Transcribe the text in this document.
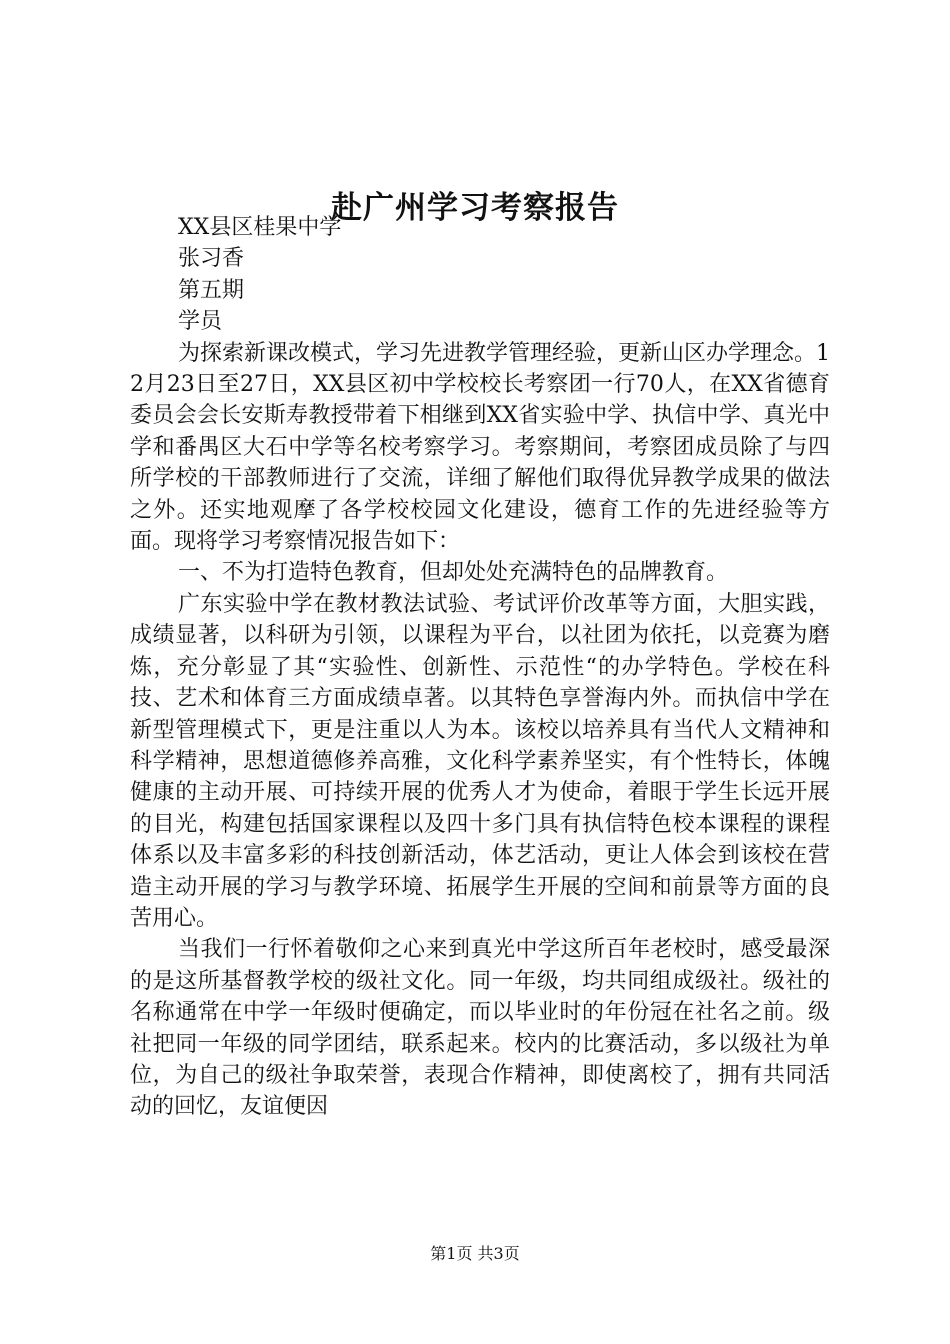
赴广州学习考察报告
XX县区桂果中学
张习香
第五期
学员

为探索新课改模式，学习先进教学管理经验，更新山区办学理念。12月23日至27日，XX县区初中学校校长考察团一行70人，在XX省德育委员会会长安斯寿教授带着下相继到XX省实验中学、执信中学、真光中学和番禺区大石中学等名校考察学习。考察期间，考察团成员除了与四所学校的干部教师进行了交流，详细了解他们取得优异教学成果的做法之外。还实地观摩了各学校校园文化建设，德育工作的先进经验等方面。现将学习考察情况报告如下：

一、不为打造特色教育，但却处处充满特色的品牌教育。

广东实验中学在教材教法试验、考试评价改革等方面，大胆实践，成绩显著，以科研为引领，以课程为平台，以社团为依托，以竞赛为磨炼，充分彰显了其“实验性、创新性、示范性“的办学特色。学校在科技、艺术和体育三方面成绩卓著。以其特色享誉海内外。而执信中学在新型管理模式下，更是注重以人为本。该校以培养具有当代人文精神和科学精神，思想道德修养高雅，文化科学素养坚实，有个性特长，体魄健康的主动开展、可持续开展的优秀人才为使命，着眼于学生长远开展的目光，构建包括国家课程以及四十多门具有执信特色校本课程的课程体系以及丰富多彩的科技创新活动，体艺活动，更让人体会到该校在营造主动开展的学习与教学环境、拓展学生开展的空间和前景等方面的良苦用心。

当我们一行怀着敬仰之心来到真光中学这所百年老校时，感受最深的是这所基督教学校的级社文化。同一年级，均共同组成级社。级社的名称通常在中学一年级时便确定，而以毕业时的年份冠在社名之前。级社把同一年级的同学团结，联系起来。校内的比赛活动，多以级社为单位，为自己的级社争取荣誉，表现合作精神，即使离校了，拥有共同活动的回忆，友谊便因

第1页 共3页
